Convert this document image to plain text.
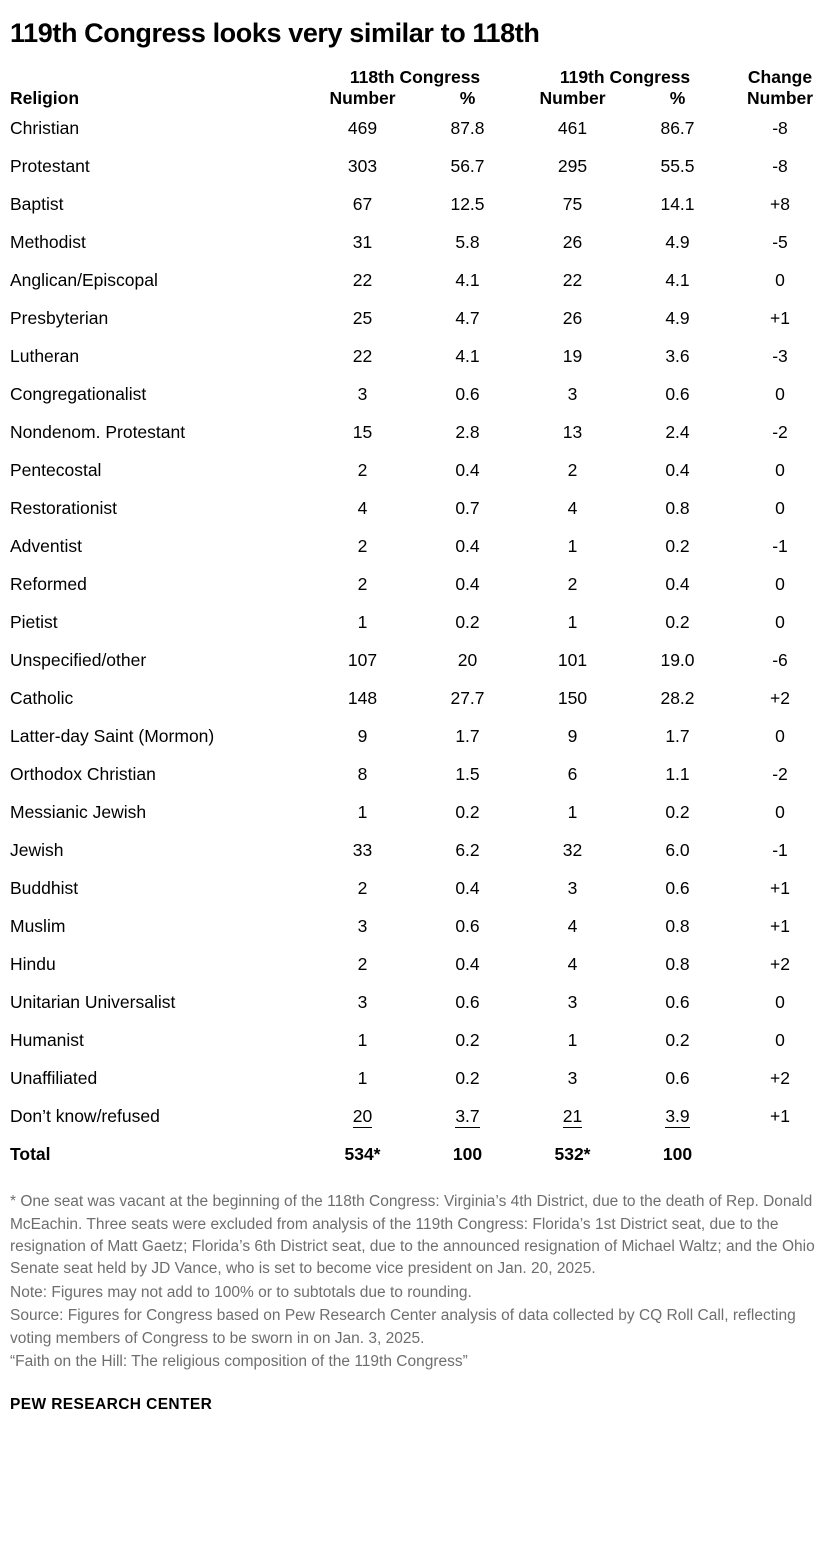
119th Congress looks very similar to 118th
	118th Congress		119th Congress		Change
Religion	Number	%	Number	%	Number
Christian	469	87.8	461	86.7	-8
Protestant	303	56.7	295	55.5	-8
Baptist	67	12.5	75	14.1	+8
Methodist	31	5.8	26	4.9	-5
Anglican/Episcopal	22	4.1	22	4.1	0
Presbyterian	25	4.7	26	4.9	+1
Lutheran	22	4.1	19	3.6	-3
Congregationalist	3	0.6	3	0.6	0
Nondenom. Protestant	15	2.8	13	2.4	-2
Pentecostal	2	0.4	2	0.4	0
Restorationist	4	0.7	4	0.8	0
Adventist	2	0.4	1	0.2	-1
Reformed	2	0.4	2	0.4	0
Pietist	1	0.2	1	0.2	0
Unspecified/other	107	20	101	19.0	-6
Catholic	148	27.7	150	28.2	+2
Latter-day Saint (Mormon)	9	1.7	9	1.7	0
Orthodox Christian	8	1.5	6	1.1	-2
Messianic Jewish	1	0.2	1	0.2	0
Jewish	33	6.2	32	6.0	-1
Buddhist	2	0.4	3	0.6	+1
Muslim	3	0.6	4	0.8	+1
Hindu	2	0.4	4	0.8	+2
Unitarian Universalist	3	0.6	3	0.6	0
Humanist	1	0.2	1	0.2	0
Unaffiliated	1	0.2	3	0.6	+2
Don’t know/refused	20	3.7	21	3.9	+1
Total	534*	100	532*	100	

* One seat was vacant at the beginning of the 118th Congress: Virginia’s 4th District, due to the death of Rep. Donald McEachin. Three seats were excluded from analysis of the 119th Congress: Florida’s 1st District seat, due to the resignation of Matt Gaetz; Florida’s 6th District seat, due to the announced resignation of Michael Waltz; and the Ohio Senate seat held by JD Vance, who is set to become vice president on Jan. 20, 2025.

Note: Figures may not add to 100% or to subtotals due to rounding.

Source: Figures for Congress based on Pew Research Center analysis of data collected by CQ Roll Call, reflecting voting members of Congress to be sworn in on Jan. 3, 2025.

“Faith on the Hill: The religious composition of the 119th Congress”

PEW RESEARCH CENTER
